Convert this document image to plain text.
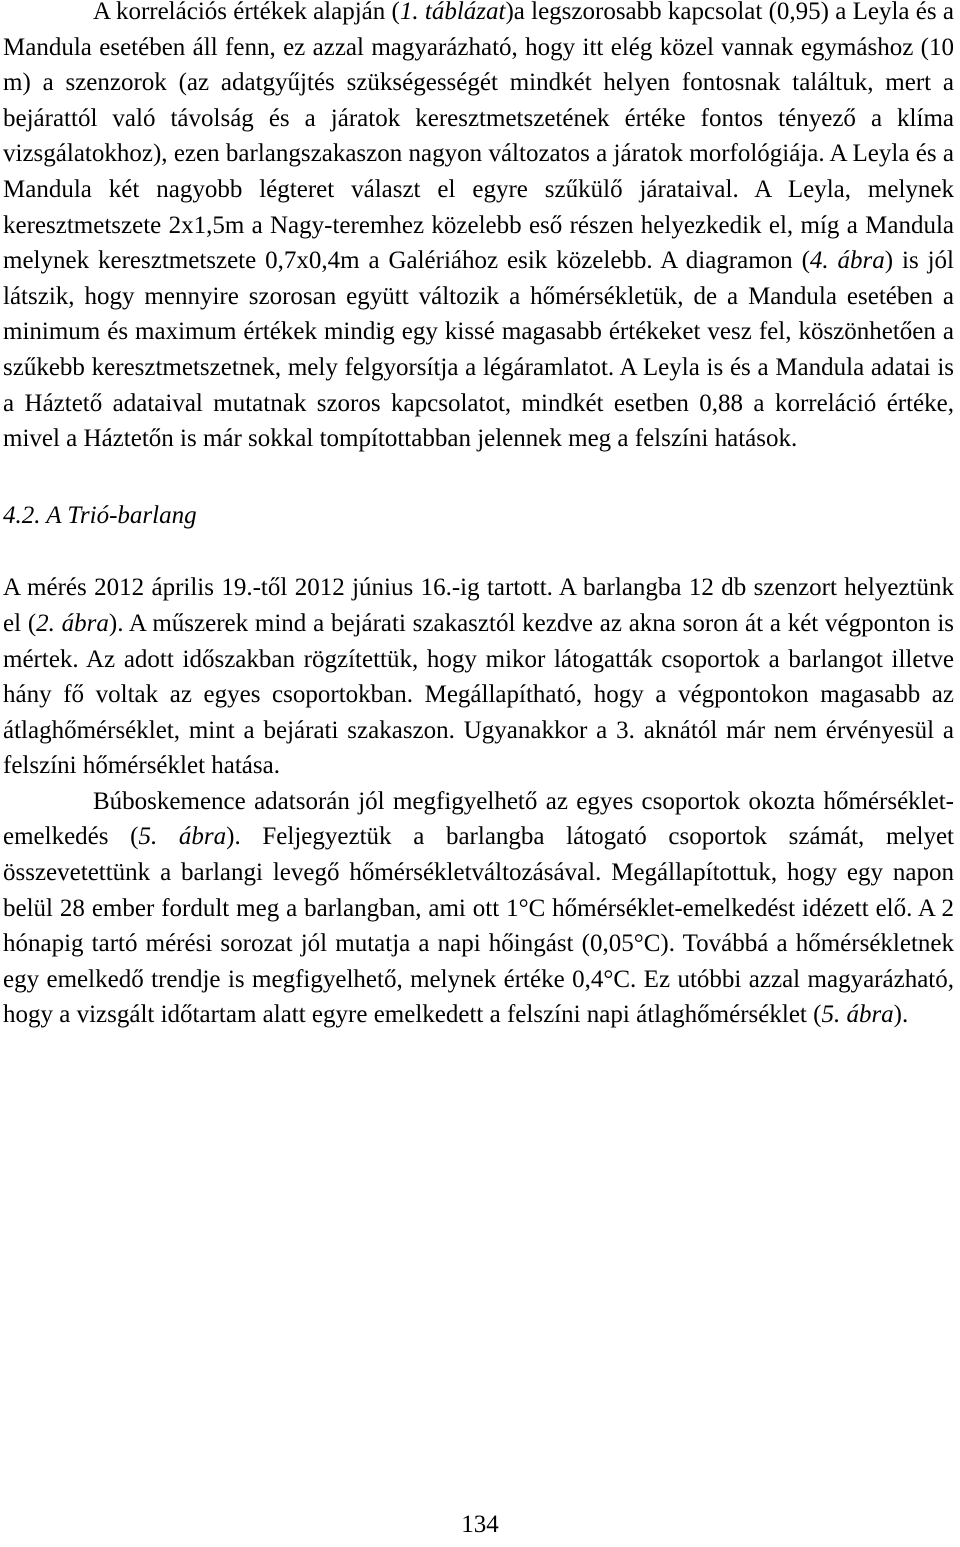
A korrelációs értékek alapján (1. táblázat)a legszorosabb kapcsolat (0,95) a Leyla és a Mandula esetében áll fenn, ez azzal magyarázható, hogy itt elég közel vannak egymáshoz (10 m) a szenzorok (az adatgyűjtés szükségességét mindkét helyen fontosnak találtuk, mert a bejárattól való távolság és a járatok keresztmetszetének értéke fontos tényező a klíma vizsgálatokhoz), ezen barlangszakaszon nagyon változatos a járatok morfológiája. A Leyla és a Mandula két nagyobb légteret választ el egyre szűkülő járataival. A Leyla, melynek keresztmetszete 2x1,5m a Nagy-teremhez közelebb eső részen helyezkedik el, míg a Mandula melynek keresztmetszete 0,7x0,4m a Galériához esik közelebb. A diagramon (4. ábra) is jól látszik, hogy mennyire szorosan együtt változik a hőmérsékletük, de a Mandula esetében a minimum és maximum értékek mindig egy kissé magasabb értékeket vesz fel, köszönhetően a szűkebb keresztmetszetnek, mely felgyorsítja a légáramlatot. A Leyla is és a Mandula adatai is a Háztető adataival mutatnak szoros kapcsolatot, mindkét esetben 0,88 a korreláció értéke, mivel a Háztetőn is már sokkal tompítottabban jelennek meg a felszíni hatások.

4.2. A Trió-barlang

A mérés 2012 április 19.-től 2012 június 16.-ig tartott. A barlangba 12 db szenzort helyeztünk el (2. ábra). A műszerek mind a bejárati szakasztól kezdve az akna soron át a két végponton is mértek. Az adott időszakban rögzítettük, hogy mikor látogatták csoportok a barlangot illetve hány fő voltak az egyes csoportokban. Megállapítható, hogy a végpontokon magasabb az átlaghőmérséklet, mint a bejárati szakaszon. Ugyanakkor a 3. aknától már nem érvényesül a felszíni hőmérséklet hatása.

Búboskemence adatsorán jól megfigyelhető az egyes csoportok okozta hőmérséklet-emelkedés (5. ábra). Feljegyeztük a barlangba látogató csoportok számát, melyet összevetettünk a barlangi levegő hőmérsékletváltozásával. Megállapítottuk, hogy egy napon belül 28 ember fordult meg a barlangban, ami ott 1°C hőmérséklet-emelkedést idézett elő. A 2 hónapig tartó mérési sorozat jól mutatja a napi hőingást (0,05°C). Továbbá a hőmérsékletnek egy emelkedő trendje is megfigyelhető, melynek értéke 0,4°C. Ez utóbbi azzal magyarázható, hogy a vizsgált időtartam alatt egyre emelkedett a felszíni napi átlaghőmérséklet (5. ábra).

134
